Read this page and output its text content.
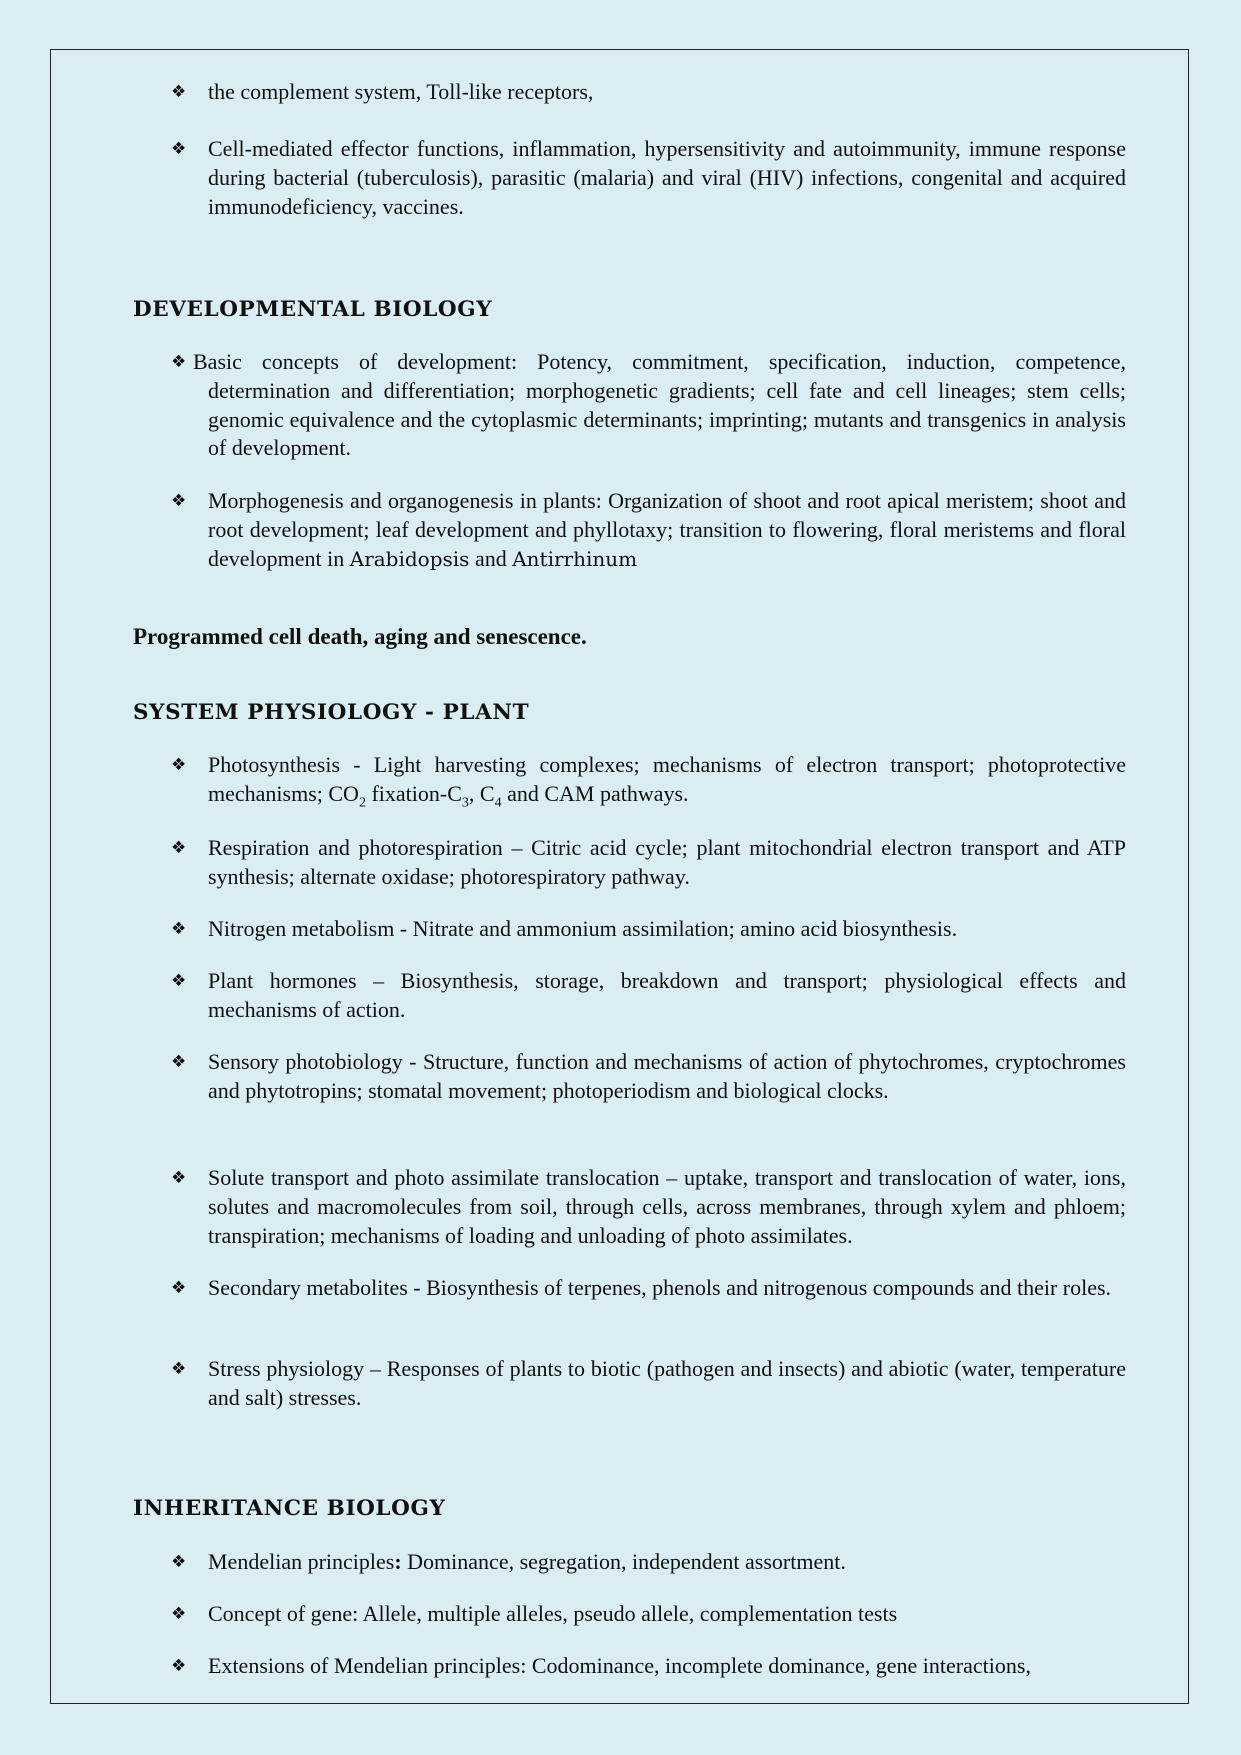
❖ the complement system, Toll-like receptors,
❖ Cell-mediated effector functions, inflammation, hypersensitivity and autoimmunity, immune response during bacterial (tuberculosis), parasitic (malaria) and viral (HIV) infections, congenital and acquired immunodeficiency, vaccines.
DEVELOPMENTAL BIOLOGY
❖ Basic concepts of development: Potency, commitment, specification, induction, competence, determination and differentiation; morphogenetic gradients; cell fate and cell lineages; stem cells; genomic equivalence and the cytoplasmic determinants; imprinting; mutants and transgenics in analysis of development.
❖ Morphogenesis and organogenesis in plants: Organization of shoot and root apical meristem; shoot and root development; leaf development and phyllotaxy; transition to flowering, floral meristems and floral development in Arabidopsis and Antirrhinum
Programmed cell death, aging and senescence.
SYSTEM PHYSIOLOGY - PLANT
❖ Photosynthesis - Light harvesting complexes; mechanisms of electron transport; photoprotective mechanisms; $CO_2$ fixation-$C_3$, $C_4$ and CAM pathways.
❖ Respiration and photorespiration – Citric acid cycle; plant mitochondrial electron transport and ATP synthesis; alternate oxidase; photorespiratory pathway.
❖ Nitrogen metabolism - Nitrate and ammonium assimilation; amino acid biosynthesis.
❖ Plant hormones – Biosynthesis, storage, breakdown and transport; physiological effects and mechanisms of action.
❖ Sensory photobiology - Structure, function and mechanisms of action of phytochromes, cryptochromes and phytotropins; stomatal movement; photoperiodism and biological clocks.
❖ Solute transport and photo assimilate translocation – uptake, transport and translocation of water, ions, solutes and macromolecules from soil, through cells, across membranes, through xylem and phloem; transpiration; mechanisms of loading and unloading of photo assimilates.
❖ Secondary metabolites - Biosynthesis of terpenes, phenols and nitrogenous compounds and their roles.
❖ Stress physiology – Responses of plants to biotic (pathogen and insects) and abiotic (water, temperature and salt) stresses.
INHERITANCE BIOLOGY
❖ Mendelian principles: Dominance, segregation, independent assortment.
❖ Concept of gene: Allele, multiple alleles, pseudo allele, complementation tests
❖ Extensions of Mendelian principles: Codominance, incomplete dominance, gene interactions,
